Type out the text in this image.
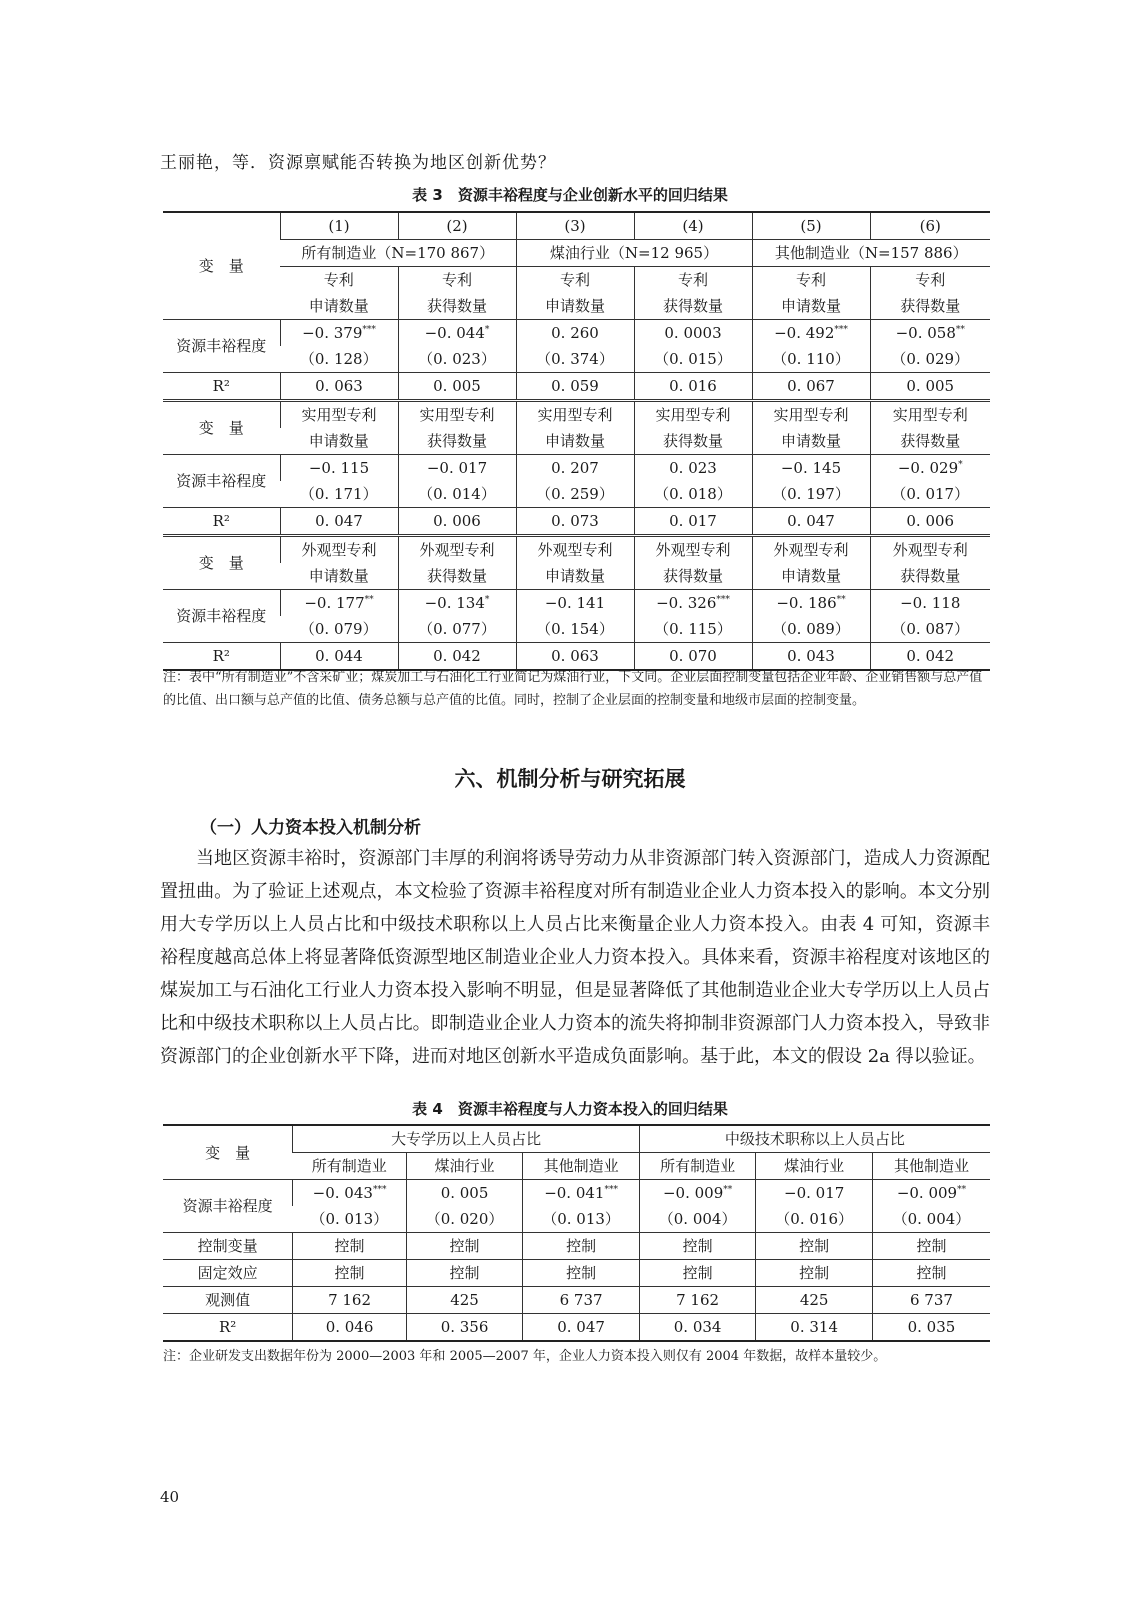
王丽艳，等．资源禀赋能否转换为地区创新优势？
表 3　资源丰裕程度与企业创新水平的回归结果
变　量	(1)	(2)	(3)	(4)	(5)	(6)
	所有制造业（N=170 867）		煤油行业（N=12 965）		其他制造业（N=157 886）	
	专利	专利	专利	专利	专利	专利
	申请数量	获得数量	申请数量	获得数量	申请数量	获得数量
资源丰裕程度	−0. 379***	−0. 044*	0. 260	0. 0003	−0. 492***	−0. 058**
	（0. 128）	（0. 023）	（0. 374）	（0. 015）	（0. 110）	（0. 029）
R²	0. 063	0. 005	0. 059	0. 016	0. 067	0. 005
变　量	实用型专利	实用型专利	实用型专利	实用型专利	实用型专利	实用型专利
	申请数量	获得数量	申请数量	获得数量	申请数量	获得数量
资源丰裕程度	−0. 115	−0. 017	0. 207	0. 023	−0. 145	−0. 029*
	（0. 171）	（0. 014）	（0. 259）	（0. 018）	（0. 197）	（0. 017）
R²	0. 047	0. 006	0. 073	0. 017	0. 047	0. 006
变　量	外观型专利	外观型专利	外观型专利	外观型专利	外观型专利	外观型专利
	申请数量	获得数量	申请数量	获得数量	申请数量	获得数量
资源丰裕程度	−0. 177**	−0. 134*	−0. 141	−0. 326***	−0. 186**	−0. 118
	（0. 079）	（0. 077）	（0. 154）	（0. 115）	（0. 089）	（0. 087）
R²	0. 044	0. 042	0. 063	0. 070	0. 043	0. 042
注：表中“所有制造业”不含采矿业；煤炭加工与石油化工行业简记为煤油行业，下文同。企业层面控制变量包括企业年龄、企业销售额与总产值的比值、出口额与总产值的比值、债务总额与总产值的比值。同时，控制了企业层面的控制变量和地级市层面的控制变量。
六、机制分析与研究拓展
（一）人力资本投入机制分析
当地区资源丰裕时，资源部门丰厚的利润将诱导劳动力从非资源部门转入资源部门，造成人力资源配置扭曲。为了验证上述观点，本文检验了资源丰裕程度对所有制造业企业人力资本投入的影响。本文分别用大专学历以上人员占比和中级技术职称以上人员占比来衡量企业人力资本投入。由表 4 可知，资源丰裕程度越高总体上将显著降低资源型地区制造业企业人力资本投入。具体来看，资源丰裕程度对该地区的煤炭加工与石油化工行业人力资本投入影响不明显，但是显著降低了其他制造业企业大专学历以上人员占比和中级技术职称以上人员占比。即制造业企业人力资本的流失将抑制非资源部门人力资本投入，导致非资源部门的企业创新水平下降，进而对地区创新水平造成负面影响。基于此，本文的假设 2a 得以验证。
表 4　资源丰裕程度与人力资本投入的回归结果
变　量	大专学历以上人员占比			中级技术职称以上人员占比		
	所有制造业	煤油行业	其他制造业	所有制造业	煤油行业	其他制造业
资源丰裕程度	−0. 043***	0. 005	−0. 041***	−0. 009**	−0. 017	−0. 009**
	（0. 013）	（0. 020）	（0. 013）	（0. 004）	（0. 016）	（0. 004）
控制变量	控制	控制	控制	控制	控制	控制
固定效应	控制	控制	控制	控制	控制	控制
观测值	7 162	425	6 737	7 162	425	6 737
R²	0. 046	0. 356	0. 047	0. 034	0. 314	0. 035
注：企业研发支出数据年份为 2000—2003 年和 2005—2007 年，企业人力资本投入则仅有 2004 年数据，故样本量较少。
40
